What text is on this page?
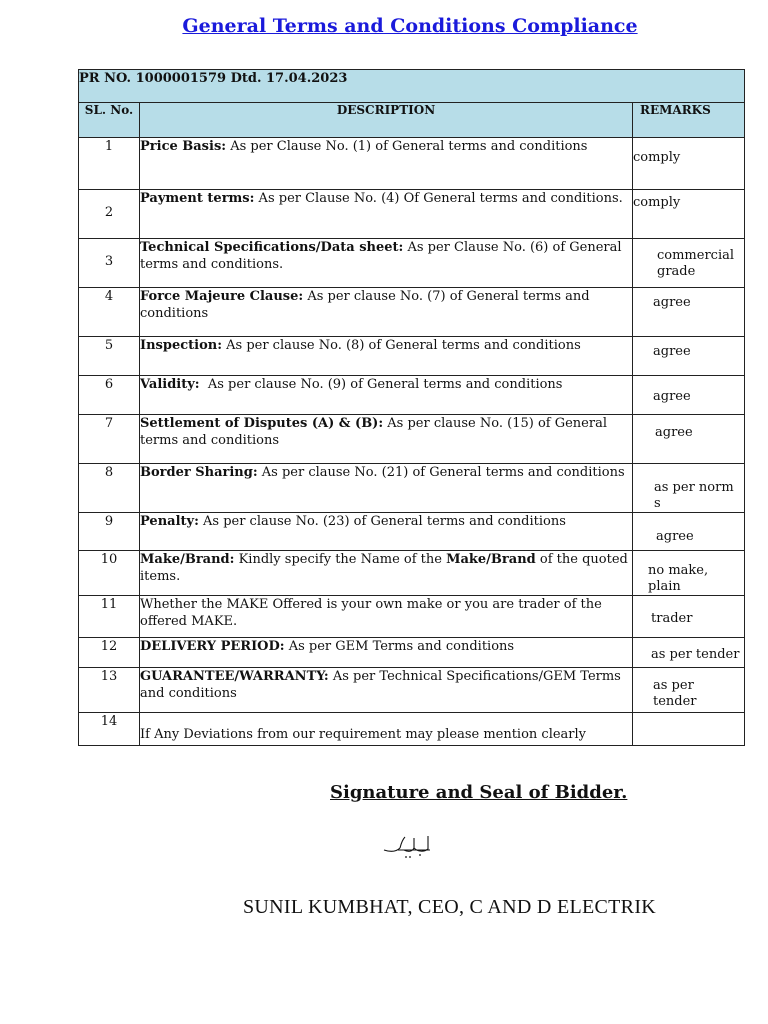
General Terms and Conditions Compliance
PR NO. 1000001579 Dtd. 17.04.2023		
SL. No.	DESCRIPTION	REMARKS
1	Price Basis: As per Clause No. (1) of General terms and conditions	comply
2	Payment terms: As per Clause No. (4) Of General terms and conditions.	comply
3	Technical Specifications/Data sheet: As per Clause No. (6) of General terms and conditions.	commercial grade
4	Force Majeure Clause: As per clause No. (7) of General terms and conditions	agree
5	Inspection: As per clause No. (8) of General terms and conditions	agree
6	Validity:  As per clause No. (9) of General terms and conditions	agree
7	Settlement of Disputes (A) & (B): As per clause No. (15) of General terms and conditions	agree
8	Border Sharing: As per clause No. (21) of General terms and conditions	as per norm s
9	Penalty: As per clause No. (23) of General terms and conditions	agree
10	Make/Brand: Kindly specify the Name of the Make/Brand of the quoted items.	no make, plain
11	Whether the MAKE Offered is your own make or you are trader of the offered MAKE.	trader
12	DELIVERY PERIOD: As per GEM Terms and conditions	as per tender
13	GUARANTEE/WARRANTY: As per Technical Specifications/GEM Terms and conditions	as per tender
14	If Any Deviations from our requirement may please mention clearly	
Signature and Seal of Bidder.
SUNIL KUMBHAT, CEO, C AND D ELECTRIK
